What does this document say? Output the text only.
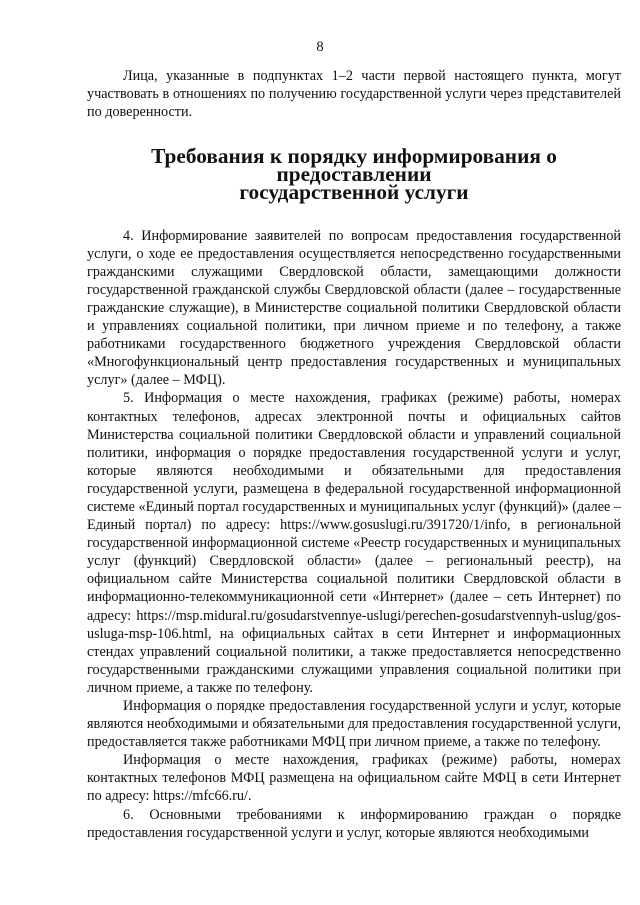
8

Лица, указанные в подпунктах 1–2 части первой настоящего пункта, могут участвовать в отношениях по получению государственной услуги через представителей по доверенности.

Требования к порядку информирования о предоставлении
государственной услуги

4. Информирование заявителей по вопросам предоставления государственной услуги, о ходе ее предоставления осуществляется непосредственно государственными гражданскими служащими Свердловской области, замещающими должности государственной гражданской службы Свердловской области (далее – государственные гражданские служащие), в Министерстве социальной политики Свердловской области и управлениях социальной политики, при личном приеме и по телефону, а также работниками государственного бюджетного учреждения Свердловской области «Многофункциональный центр предоставления государственных и муниципальных услуг» (далее – МФЦ).

5. Информация о месте нахождения, графиках (режиме) работы, номерах контактных телефонов, адресах электронной почты и официальных сайтов Министерства социальной политики Свердловской области и управлений социальной политики, информация о порядке предоставления государственной услуги и услуг, которые являются необходимыми и обязательными для предоставления государственной услуги, размещена в федеральной государственной информационной системе «Единый портал государственных и муниципальных услуг (функций)» (далее – Единый портал) по адресу: https://www.gosuslugi.ru/391720/1/info, в региональной государственной информационной системе «Реестр государственных и муниципальных услуг (функций) Свердловской области» (далее – региональный реестр), на официальном сайте Министерства социальной политики Свердловской области в информационно-телекоммуникационной сети «Интернет» (далее – сеть Интернет) по адресу: https://msp.midural.ru/gosudarstvennye-uslugi/perechen-gosudarstvennyh-uslug/gos-usluga-msp-106.html, на официальных сайтах в сети Интернет и информационных стендах управлений социальной политики, а также предоставляется непосредственно государственными гражданскими служащими управления социальной политики при личном приеме, а также по телефону.

Информация о порядке предоставления государственной услуги и услуг, которые являются необходимыми и обязательными для предоставления государственной услуги, предоставляется также работниками МФЦ при личном приеме, а также по телефону.

Информация о месте нахождения, графиках (режиме) работы, номерах контактных телефонов МФЦ размещена на официальном сайте МФЦ в сети Интернет по адресу: https://mfc66.ru/.

6. Основными требованиями к информированию граждан о порядке предоставления государственной услуги и услуг, которые являются необходимыми
